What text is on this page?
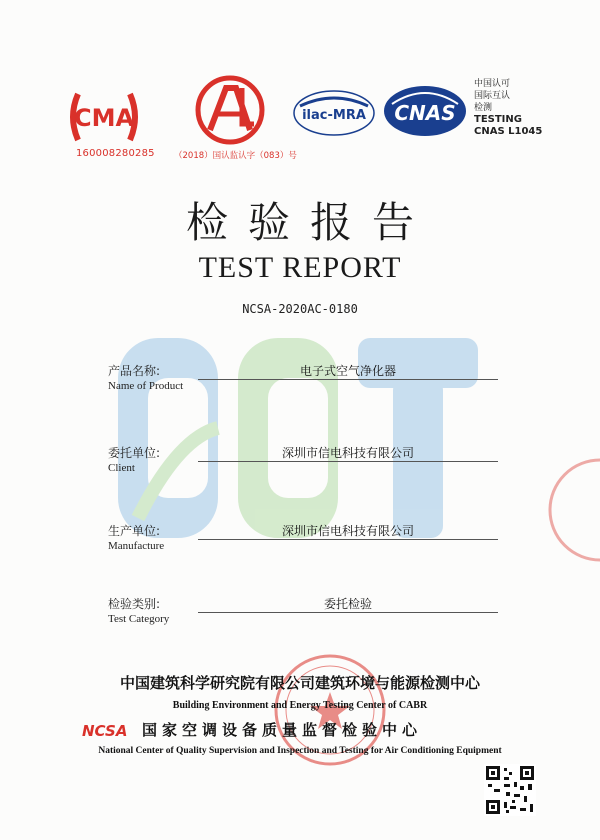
CMA
160008280285 （2018）国认监认字（083）号
ilac-MRA CNAS
中国认可
国际互认
检测
TESTING
CNAS L1045
检验报告
TEST REPORT
NCSA-2020AC-0180
产品名称:
Name of Product
电子式空气净化器
委托单位:
Client
深圳市信电科技有限公司
生产单位:
Manufacture
深圳市信电科技有限公司
检验类别:
Test Category
委托检验
中国建筑科学研究院有限公司建筑环境与能源检测中心
Building Environment and Energy Testing Center of CABR
NCSA 国家空调设备质量监督检验中心
National Center of Quality Supervision and Inspection and Testing for Air Conditioning Equipment
